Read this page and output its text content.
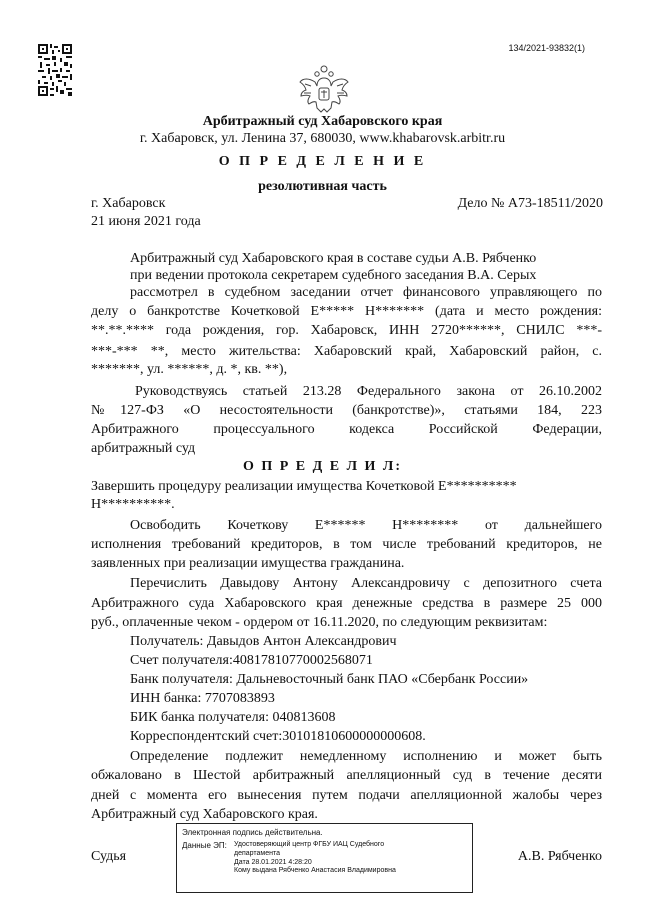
134/2021-93832(1)
Арбитражный суд Хабаровского края
г. Хабаровск, ул. Ленина 37, 680030, www.khabarovsk.arbitr.ru
О П Р Е Д Е Л Е Н И Е
резолютивная часть
г. Хабаровск
21 июня 2021 года
Дело № А73-18511/2020
Арбитражный суд Хабаровского края в составе судьи А.В. Рябченко
при ведении протокола секретарем судебного заседания В.А. Серых
рассмотрел в судебном заседании отчет финансового управляющего по
делу о банкротстве Кочетковой Е***** Н******* (дата и место рождения:
**.**.**** года рождения, гор. Хабаровск, ИНН 2720******, СНИЛС ***-
***-*** **, место жительства: Хабаровский край, Хабаровский район, с.
*******, ул. ******, д. *, кв. **),
Руководствуясь статьей 213.28 Федерального закона от 26.10.2002
№127-ФЗ «О несостоятельности (банкротстве)», статьями 184, 223
Арбитражного процессуального кодекса Российской Федерации,
арбитражный суд
О П Р Е Д Е Л И Л:
Завершить процедуру реализации имущества Кочетковой Е**********
Н**********.
Освободить Кочеткову Е****** Н******** от дальнейшего
исполнения требований кредиторов, в том числе требований кредиторов, не
заявленных при реализации имущества гражданина.
Перечислить Давыдову Антону Александровичу с депозитного счета
Арбитражного суда Хабаровского края денежные средства в размере 25 000
руб., оплаченные чеком - ордером от 16.11.2020, по следующим реквизитам:
Получатель: Давыдов Антон Александрович
Счет получателя:40817810770002568071
Банк получателя: Дальневосточный банк ПАО «Сбербанк России»
ИНН банка: 7707083893
БИК банка получателя: 040813608
Корреспондентский счет:30101810600000000608.
Определение подлежит немедленному исполнению и может быть
обжаловано в Шестой арбитражный апелляционный суд в течение десяти
дней с момента его вынесения путем подачи апелляционной жалобы через
Арбитражный суд Хабаровского края.
Электронная подпись действительна.
Данные ЭП:	Удостоверяющий центр ФГБУ ИАЦ Судебного
департамента
Дата 28.01.2021 4:28:20
Кому выдана Рябченко Анастасия Владимировна
Судья	А.В. Рябченко
